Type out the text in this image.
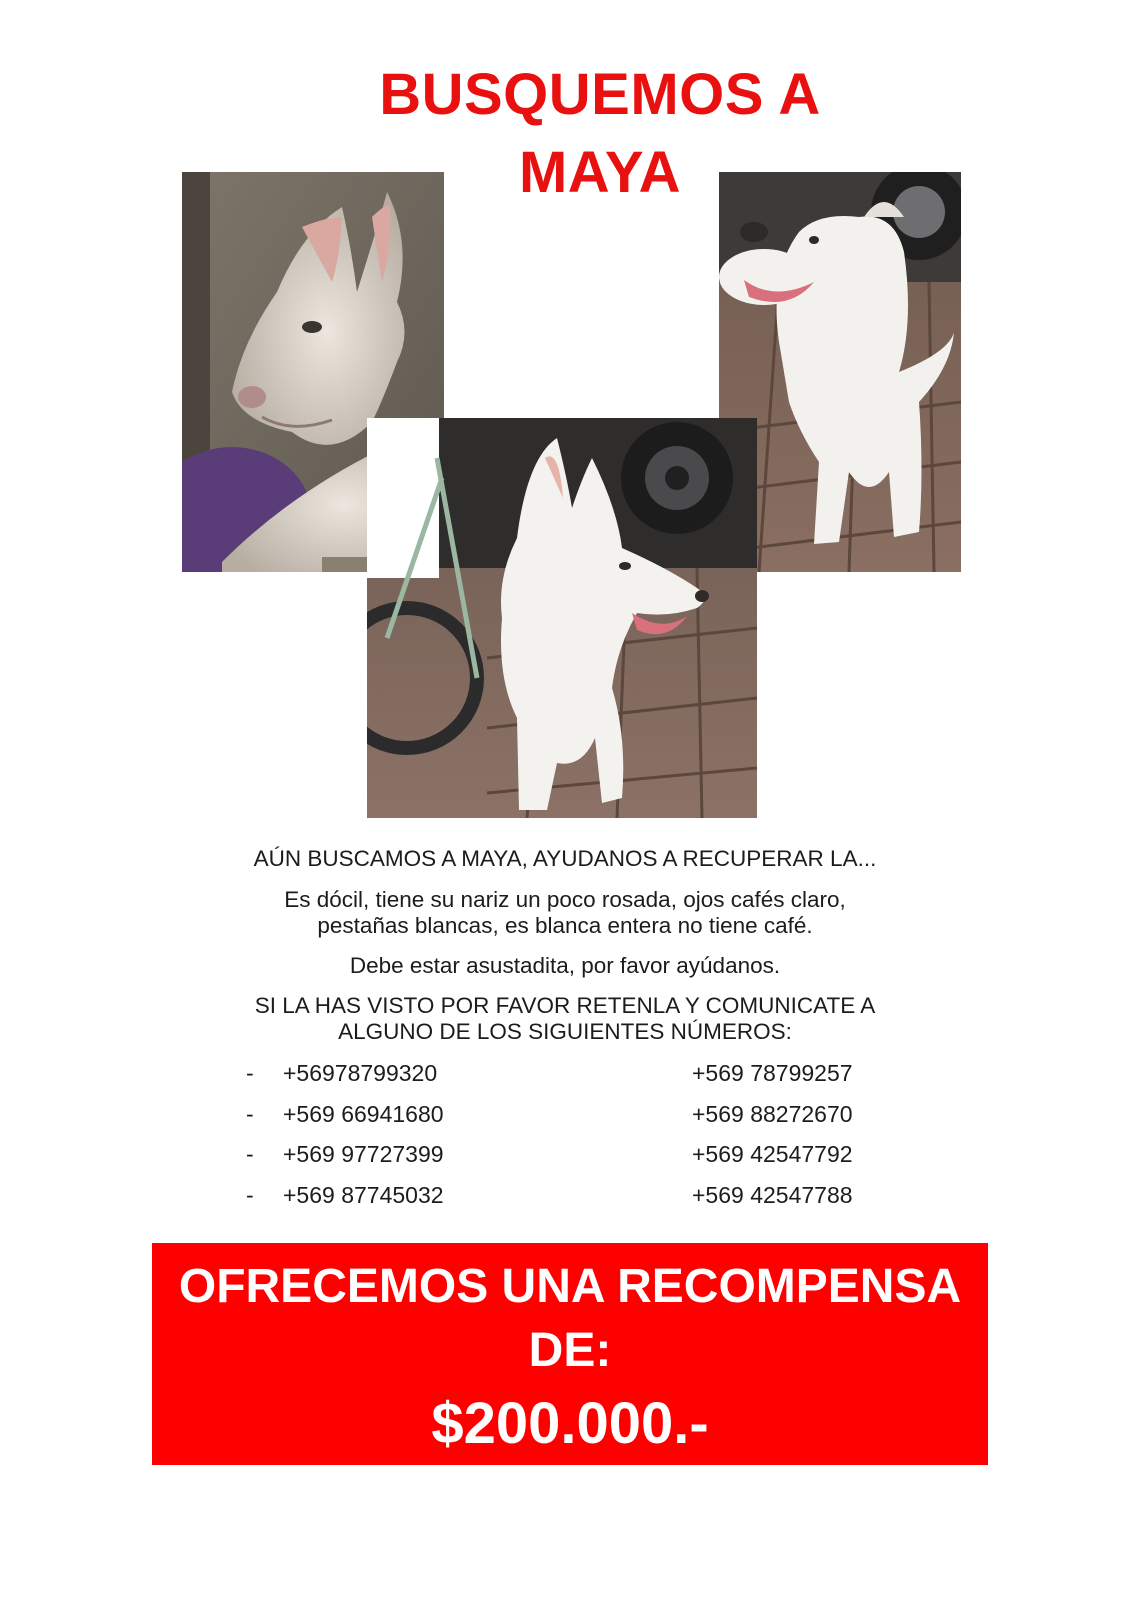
BUSQUEMOS A
MAYA
AÚN BUSCAMOS A MAYA, AYUDANOS A RECUPERAR LA...
Es dócil, tiene su nariz un poco rosada, ojos cafés claro,
pestañas blancas, es blanca entera no tiene café.
Debe estar asustadita, por favor ayúdanos.
SI LA HAS VISTO POR FAVOR RETENLA Y COMUNICATE A
ALGUNO DE LOS SIGUIENTES NÚMEROS:
- +56978799320	+569 78799257
- +569 66941680	+569 88272670
- +569 97727399	+569 42547792
- +569 87745032	+569 42547788
OFRECEMOS UNA RECOMPENSA
DE:
$200.000.-
